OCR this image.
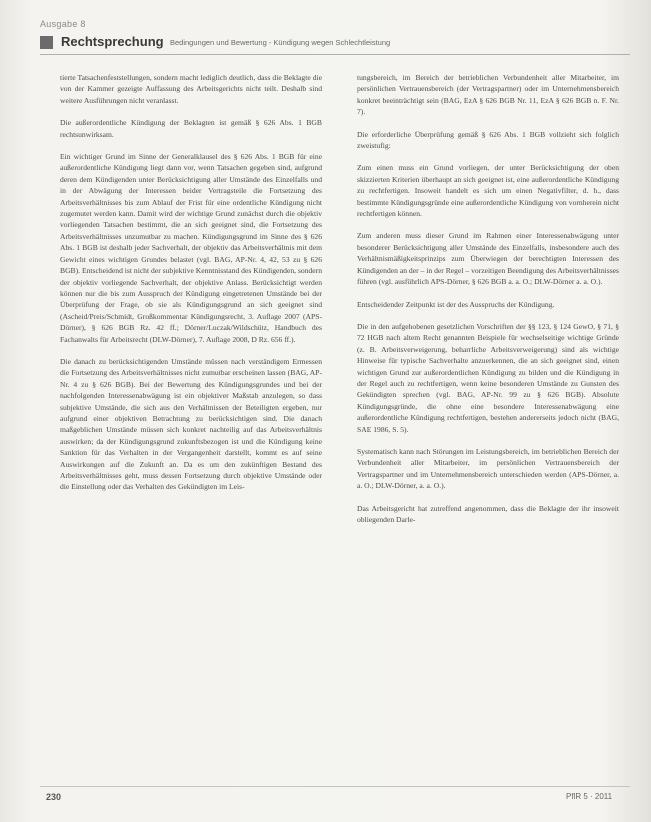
Ausgabe 8
Rechtsprechung Bedingungen und Bewertung - Kündigung wegen Schlechtleistung

tierte Tatsachenfeststellungen, sondern macht lediglich deutlich, dass die Beklagte die von der Kammer gezeigte Auffassung des Arbeitsgerichts nicht teilt. Deshalb sind weitere Ausführungen nicht veranlasst.

Die außerordentliche Kündigung der Beklagten ist gemäß § 626 Abs. 1 BGB rechtsunwirksam.

Ein wichtiger Grund im Sinne der Generalklausel des § 626 Abs. 1 BGB für eine außerordentliche Kündigung liegt dann vor, wenn Tatsachen gegeben sind, aufgrund deren dem Kündigenden unter Berücksichtigung aller Umstände des Einzelfalls und in der Abwägung der Interessen beider Vertragsteile die Fortsetzung des Arbeitsverhältnisses bis zum Ablauf der Frist für eine ordentliche Kündigung nicht zugemutet werden kann. Damit wird der wichtige Grund zunächst durch die objektiv vorliegenden Tatsachen bestimmt, die an sich geeignet sind, die Fortsetzung des Arbeitsverhältnisses unzumutbar zu machen. Kündigungsgrund im Sinne des § 626 Abs. 1 BGB ist deshalb jeder Sachverhalt, der objektiv das Arbeitsverhältnis mit dem Gewicht eines wichtigen Grundes belastet (vgl. BAG, AP-Nr. 4, 42, 53 zu § 626 BGB). Entscheidend ist nicht der subjektive Kenntnisstand des Kündigenden, sondern der objektiv vorliegende Sachverhalt, der objektive Anlass. Berücksichtigt werden können nur die bis zum Ausspruch der Kündigung eingetretenen Umstände bei der Überprüfung der Frage, ob sie als Kündigungsgrund an sich geeignet sind (Ascheid/Preis/Schmidt, Großkommentar Kündigungsrecht, 3. Auflage 2007 (APS-Dörner), § 626 BGB Rz. 42 ff.; Dörner/Luczak/Wildschütz, Handbuch des Fachanwalts für Arbeitsrecht (DLW-Dörner), 7. Auflage 2008, D Rz. 656 ff.).

Die danach zu berücksichtigenden Umstände müssen nach verständigem Ermessen die Fortsetzung des Arbeitsverhältnisses nicht zumutbar erscheinen lassen (BAG, AP-Nr. 4 zu § 626 BGB). Bei der Bewertung des Kündigungsgrundes und bei der nachfolgenden Interessenabwägung ist ein objektiver Maßstab anzulegen, so dass subjektive Umstände, die sich aus den Verhältnissen der Beteiligten ergeben, nur aufgrund einer objektiven Betrachtung zu berücksichtigen sind. Die danach maßgeblichen Umstände müssen sich konkret nachteilig auf das Arbeitsverhältnis auswirken; da der Kündigungsgrund zukunftsbezogen ist und die Kündigung keine Sanktion für das Verhalten in der Vergangenheit darstellt, kommt es auf seine Auswirkungen auf die Zukunft an. Da es um den zukünftigen Bestand des Arbeitsverhältnisses geht, muss dessen Fortsetzung durch objektive Umstände oder die Einstellung oder das Verhalten des Gekündigten im Leis-

tungsbereich, im Bereich der betrieblichen Verbundenheit aller Mitarbeiter, im persönlichen Vertrauensbereich (der Vertragspartner) oder im Unternehmensbereich konkret beeinträchtigt sein (BAG, EzA § 626 BGB Nr. 11, EzA § 626 BGB n. F. Nr. 7).

Die erforderliche Überprüfung gemäß § 626 Abs. 1 BGB vollzieht sich folglich zweistufig:

Zum einen muss ein Grund vorliegen, der unter Berücksichtigung der oben skizzierten Kriterien überhaupt an sich geeignet ist, eine außerordentliche Kündigung zu rechtfertigen. Insoweit handelt es sich um einen Negativfilter, d. h., dass bestimmte Kündigungsgründe eine außerordentliche Kündigung von vornherein nicht rechtfertigen können.

Zum anderen muss dieser Grund im Rahmen einer Interessenabwägung unter besonderer Berücksichtigung aller Umstände des Einzelfalls, insbesondere auch des Verhältnismäßigkeitsprinzips zum Überwiegen der berechtigten Interessen des Kündigenden an der – in der Regel – vorzeitigen Beendigung des Arbeitsverhältnisses führen (vgl. ausführlich APS-Dörner, § 626 BGB a. a. O.; DLW-Dörner a. a. O.).

Entscheidender Zeitpunkt ist der des Ausspruchs der Kündigung.

Die in den aufgehobenen gesetzlichen Vorschriften der §§ 123, § 124 GewO, § 71, § 72 HGB nach altem Recht genannten Beispiele für wechselseitige wichtige Gründe (z. B. Arbeitsverweigerung, beharrliche Arbeitsverweigerung) sind als wichtige Hinweise für typische Sachverhalte anzuerkennen, die an sich geeignet sind, einen wichtigen Grund zur außerordentlichen Kündigung zu bilden und die Kündigung in der Regel auch zu rechtfertigen, wenn keine besonderen Umstände zu Gunsten des Gekündigten sprechen (vgl. BAG, AP-Nr. 99 zu § 626 BGB). Absolute Kündigungsgründe, die ohne eine besondere Interessenabwägung eine außerordentliche Kündigung rechtfertigen, bestehen andererseits jedoch nicht (BAG, SAE 1986, S. 5).

Systematisch kann nach Störungen im Leistungsbereich, im betrieblichen Bereich der Verbundenheit aller Mitarbeiter, im persönlichen Vertrauensbereich der Vertragspartner und im Unternehmensbereich unterschieden werden (APS-Dörner, a. a. O.; DLW-Dörner, a. a. O.).

Das Arbeitsgericht hat zutreffend angenommen, dass die Beklagte der ihr insoweit obliegenden Darle-

230	PflR 5 · 2011
